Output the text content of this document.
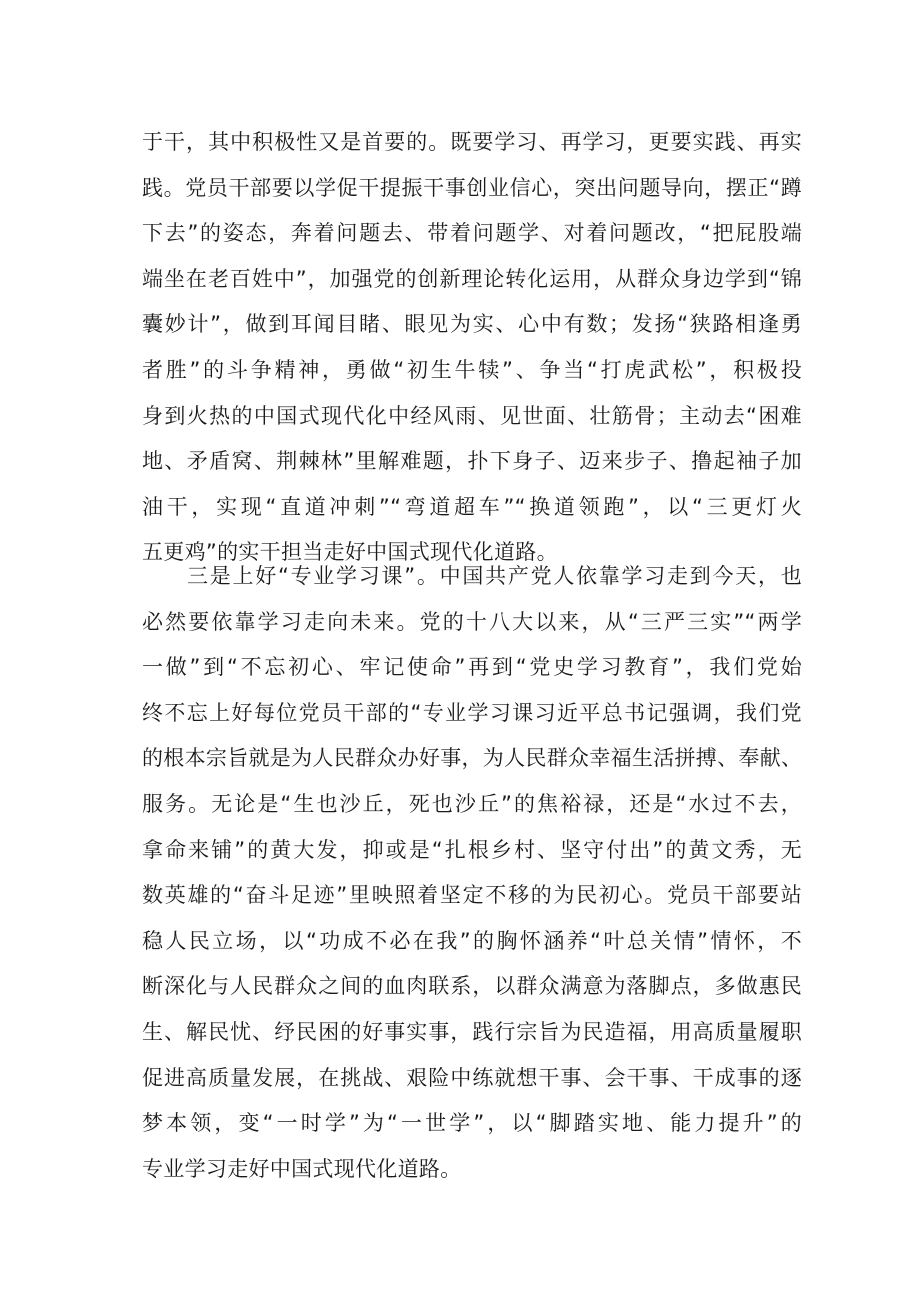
于干，其中积极性又是首要的。既要学习、再学习，更要实践、再实
践。党员干部要以学促干提振干事创业信心，突出问题导向，摆正“蹲
下去”的姿态，奔着问题去、带着问题学、对着问题改，“把屁股端
端坐在老百姓中”，加强党的创新理论转化运用，从群众身边学到“锦
囊妙计”，做到耳闻目睹、眼见为实、心中有数；发扬“狭路相逢勇
者胜”的斗争精神，勇做“初生牛犊”、争当“打虎武松”，积极投
身到火热的中国式现代化中经风雨、见世面、壮筋骨；主动去“困难
地、矛盾窝、荆棘林”里解难题，扑下身子、迈来步子、撸起袖子加
油干，实现“直道冲刺”“弯道超车”“换道领跑”，以“三更灯火
五更鸡”的实干担当走好中国式现代化道路。
三是上好“专业学习课”。中国共产党人依靠学习走到今天，也
必然要依靠学习走向未来。党的十八大以来，从“三严三实”“两学
一做”到“不忘初心、牢记使命”再到“党史学习教育”，我们党始
终不忘上好每位党员干部的“专业学习课习近平总书记强调，我们党
的根本宗旨就是为人民群众办好事，为人民群众幸福生活拼搏、奉献、
服务。无论是“生也沙丘，死也沙丘”的焦裕禄，还是“水过不去，
拿命来铺”的黄大发，抑或是“扎根乡村、坚守付出”的黄文秀，无
数英雄的“奋斗足迹”里映照着坚定不移的为民初心。党员干部要站
稳人民立场，以“功成不必在我”的胸怀涵养“叶总关情”情怀，不
断深化与人民群众之间的血肉联系，以群众满意为落脚点，多做惠民
生、解民忧、纾民困的好事实事，践行宗旨为民造福，用高质量履职
促进高质量发展，在挑战、艰险中练就想干事、会干事、干成事的逐
梦本领，变“一时学”为“一世学”，以“脚踏实地、能力提升”的
专业学习走好中国式现代化道路。
